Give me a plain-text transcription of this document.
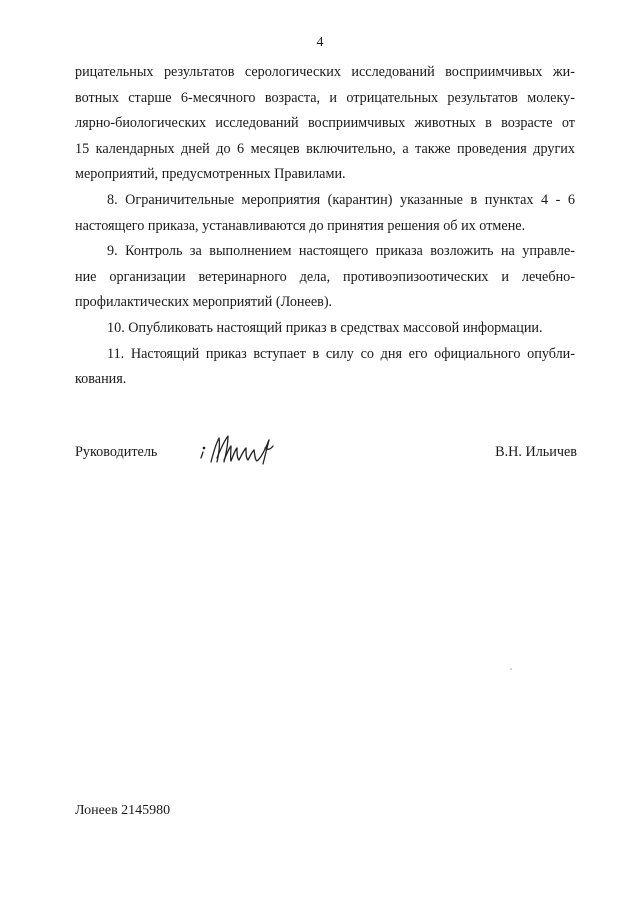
4
рицательных результатов серологических исследований восприимчивых жи-
вотных старше 6-месячного возраста, и отрицательных результатов молеку-
лярно-биологических исследований восприимчивых животных в возрасте от
15 календарных дней до 6 месяцев включительно, а также проведения других
мероприятий, предусмотренных Правилами.
8. Ограничительные мероприятия (карантин) указанные в пунктах 4 - 6
настоящего приказа, устанавливаются до принятия решения об их отмене.
9. Контроль за выполнением настоящего приказа возложить на управле-
ние организации ветеринарного дела, противоэпизоотических и лечебно-
профилактических мероприятий (Лонеев).
10. Опубликовать настоящий приказ в средствах массовой информации.
11. Настоящий приказ вступает в силу со дня его официального опубли-
кования.
Руководитель	В.Н. Ильичев
Лонеев 2145980
